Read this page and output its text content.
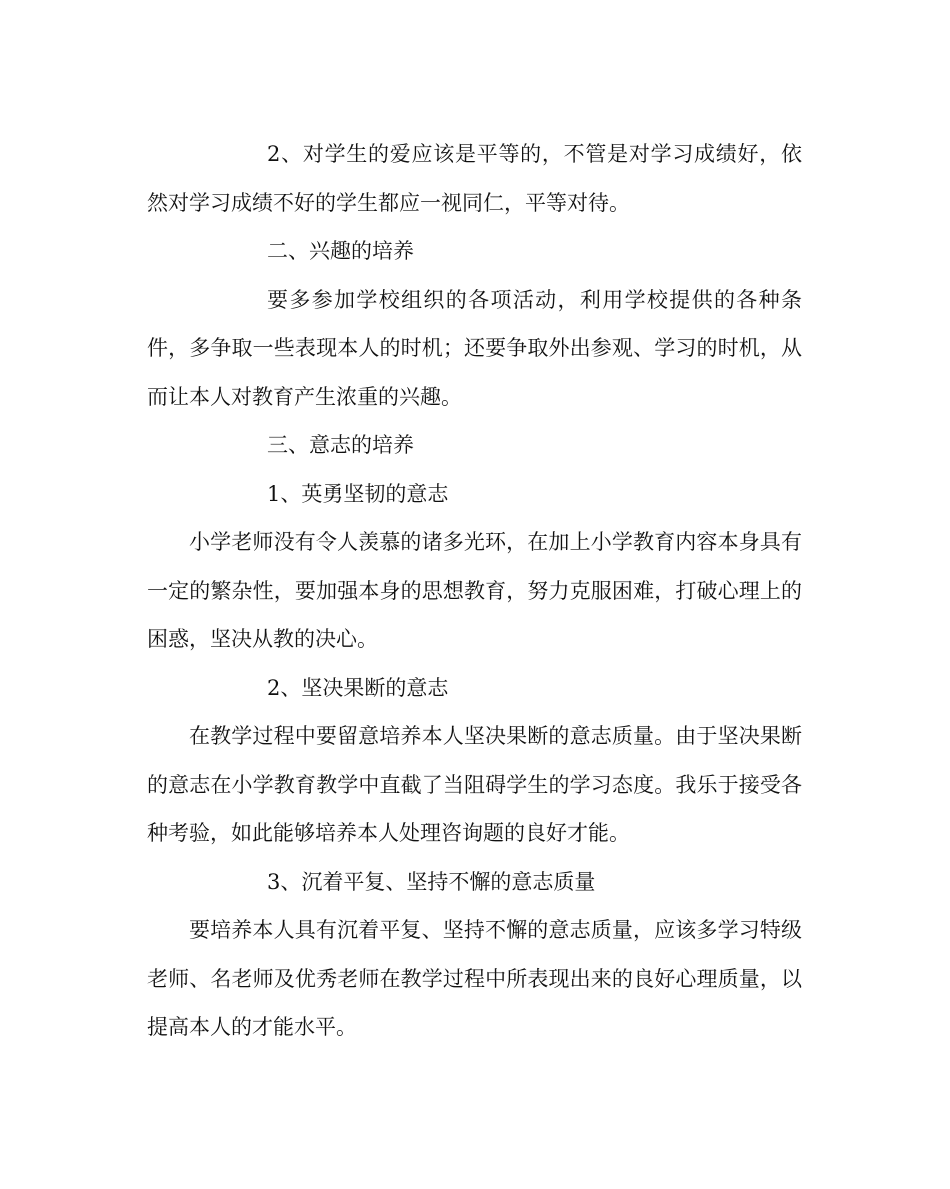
2、对学生的爱应该是平等的，不管是对学习成绩好，依然对学习成绩不好的学生都应一视同仁，平等对待。

二、兴趣的培养

要多参加学校组织的各项活动，利用学校提供的各种条件，多争取一些表现本人的时机；还要争取外出参观、学习的时机，从而让本人对教育产生浓重的兴趣。

三、意志的培养

1、英勇坚韧的意志

小学老师没有令人羡慕的诸多光环，在加上小学教育内容本身具有一定的繁杂性，要加强本身的思想教育，努力克服困难，打破心理上的困惑，坚决从教的决心。

2、坚决果断的意志

在教学过程中要留意培养本人坚决果断的意志质量。由于坚决果断的意志在小学教育教学中直截了当阻碍学生的学习态度。我乐于接受各种考验，如此能够培养本人处理咨询题的良好才能。

3、沉着平复、坚持不懈的意志质量

要培养本人具有沉着平复、坚持不懈的意志质量，应该多学习特级老师、名老师及优秀老师在教学过程中所表现出来的良好心理质量，以提高本人的才能水平。
